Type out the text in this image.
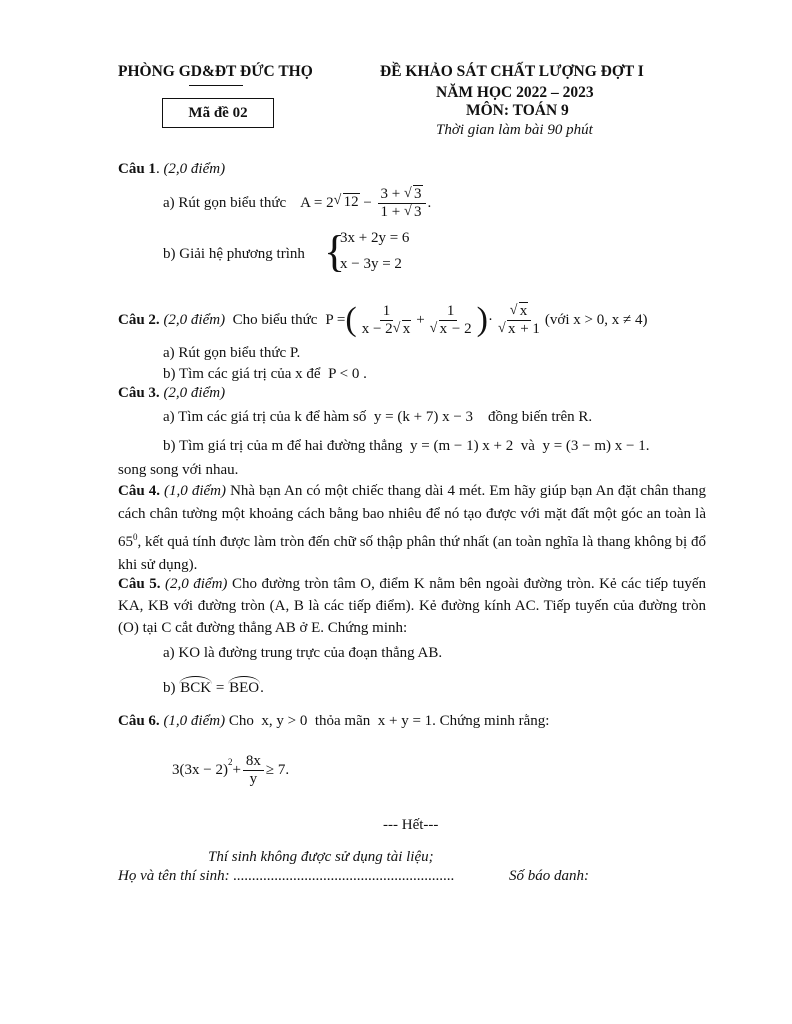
PHÒNG GD&ĐT ĐỨC THỌ
Mã đề 02
ĐỀ KHẢO SÁT CHẤT LƯỢNG ĐỢT I
NĂM HỌC 2022 – 2023
MÔN: TOÁN 9
Thời gian làm bài 90 phút
Câu 1. (2,0 điểm)
a) Rút gọn biểu thức A = 2 √ $12 - \frac{3 + √ 3}{1 + √ 3}$ .
b) Giải hệ phương trình {
3x + 2y = 6
x − 3y = 2
Câu 2.
(2,0 điểm)
Cho biểu thức P = ( $\frac{1}{x - 2 √ x} + 1$
√ x − 2 ) · √ x
√ x + 1 (với x > 0, x ≠ 4)
a) Rút gọn biểu thức P.
b) Tìm các giá trị của x để P < 0 .
Câu 3. (2,0 điểm)
a) Tìm các giá trị của k để hàm số y = (k + 7) x − 3 đồng biến trên R.
b) Tìm giá trị của m để hai đường thẳng y = (m − 1) x + 2 và y = (3 − m) x − 1.
song song với nhau.
Câu 4. (1,0 điểm) Nhà bạn An có một chiếc thang dài 4 mét. Em hãy giúp bạn An đặt chân thang cách chân tường một khoảng cách bằng bao nhiêu để nó tạo được với mặt đất một góc an toàn là $65^0$, kết quả tính được làm tròn đến chữ số thập phân thứ nhất (an toàn nghĩa là thang không bị đổ khi sử dụng).
Câu 5. (2,0 điểm) Cho đường tròn tâm O, điểm K nằm bên ngoài đường tròn. Kẻ các tiếp tuyến KA, KB với đường tròn (A, B là các tiếp điểm). Kẻ đường kính AC. Tiếp tuyến của đường tròn (O) tại C cắt đường thẳng AB ở E. Chứng minh:
a) KO là đường trung trực của đoạn thẳng AB.
b) BCK = BEO.
Câu 6. (1,0 điểm) Cho x, y > 0 thỏa mãn x + y = 1. Chứng minh rằng:
$3(3x - 2)^2 + \frac{8x}{y} \ge 7$.
--- Hết---
Thí sinh không được sử dụng tài liệu;
Họ và tên thí sinh: ...........................................................	Số báo danh:
